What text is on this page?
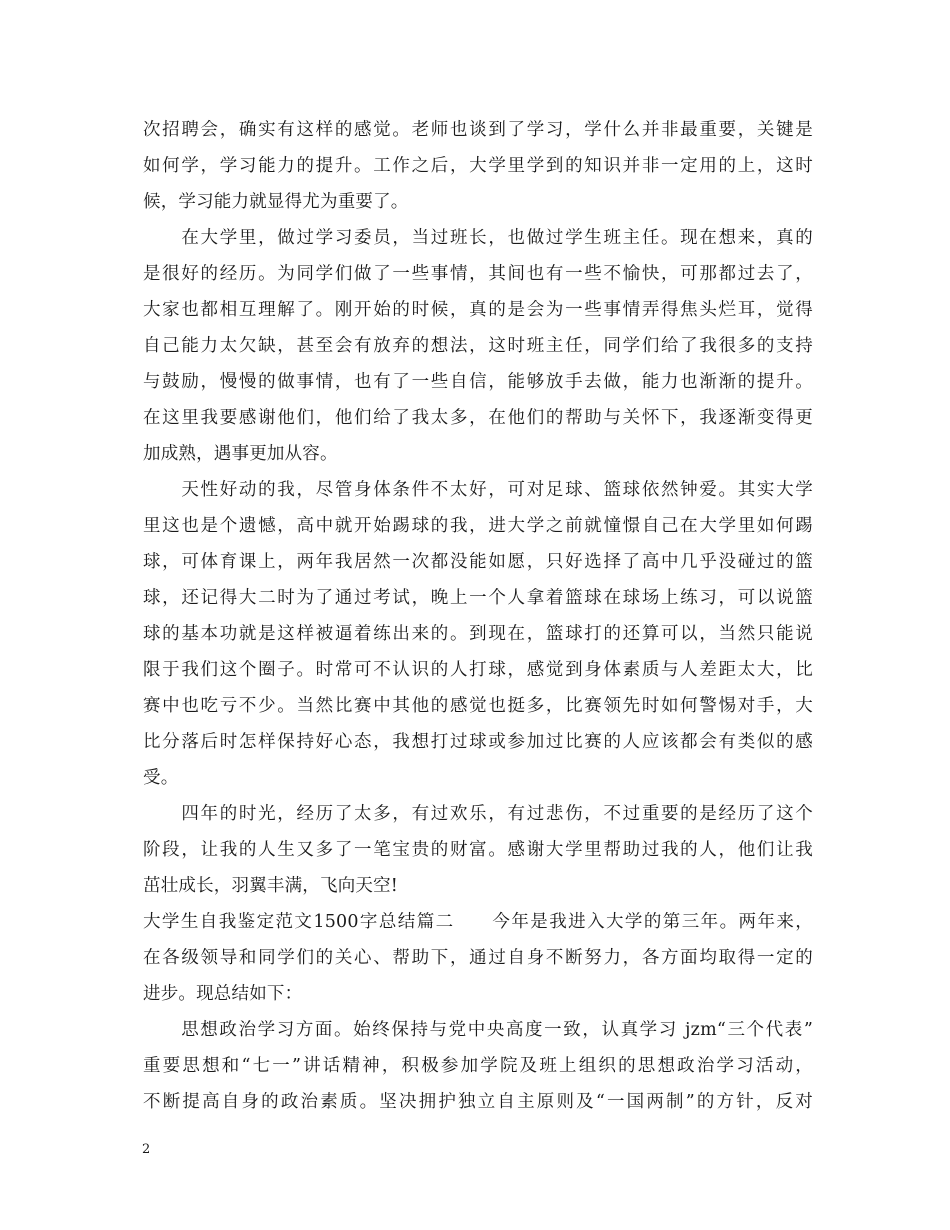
次招聘会，确实有这样的感觉。老师也谈到了学习，学什么并非最重要，关键是
如何学，学习能力的提升。工作之后，大学里学到的知识并非一定用的上，这时
候，学习能力就显得尤为重要了。
　　在大学里，做过学习委员，当过班长，也做过学生班主任。现在想来，真的
是很好的经历。为同学们做了一些事情，其间也有一些不愉快，可那都过去了，
大家也都相互理解了。刚开始的时候，真的是会为一些事情弄得焦头烂耳，觉得
自己能力太欠缺，甚至会有放弃的想法，这时班主任，同学们给了我很多的支持
与鼓励，慢慢的做事情，也有了一些自信，能够放手去做，能力也渐渐的提升。
在这里我要感谢他们，他们给了我太多，在他们的帮助与关怀下，我逐渐变得更
加成熟，遇事更加从容。
　　天性好动的我，尽管身体条件不太好，可对足球、篮球依然钟爱。其实大学
里这也是个遗憾，高中就开始踢球的我，进大学之前就憧憬自己在大学里如何踢
球，可体育课上，两年我居然一次都没能如愿，只好选择了高中几乎没碰过的篮
球，还记得大二时为了通过考试，晚上一个人拿着篮球在球场上练习，可以说篮
球的基本功就是这样被逼着练出来的。到现在，篮球打的还算可以，当然只能说
限于我们这个圈子。时常可不认识的人打球，感觉到身体素质与人差距太大，比
赛中也吃亏不少。当然比赛中其他的感觉也挺多，比赛领先时如何警惕对手，大
比分落后时怎样保持好心态，我想打过球或参加过比赛的人应该都会有类似的感
受。
　　四年的时光，经历了太多，有过欢乐，有过悲伤，不过重要的是经历了这个
阶段，让我的人生又多了一笔宝贵的财富。感谢大学里帮助过我的人，他们让我
茁壮成长，羽翼丰满，飞向天空!
大学生自我鉴定范文1500字总结篇二　　今年是我进入大学的第三年。两年来，
在各级领导和同学们的关心、帮助下，通过自身不断努力，各方面均取得一定的
进步。现总结如下：
　　思想政治学习方面。始终保持与党中央高度一致，认真学习 jzm“三个代表”
重要思想和“七一”讲话精神，积极参加学院及班上组织的思想政治学习活动，
不断提高自身的政治素质。坚决拥护独立自主原则及“一国两制”的方针，反对
2
